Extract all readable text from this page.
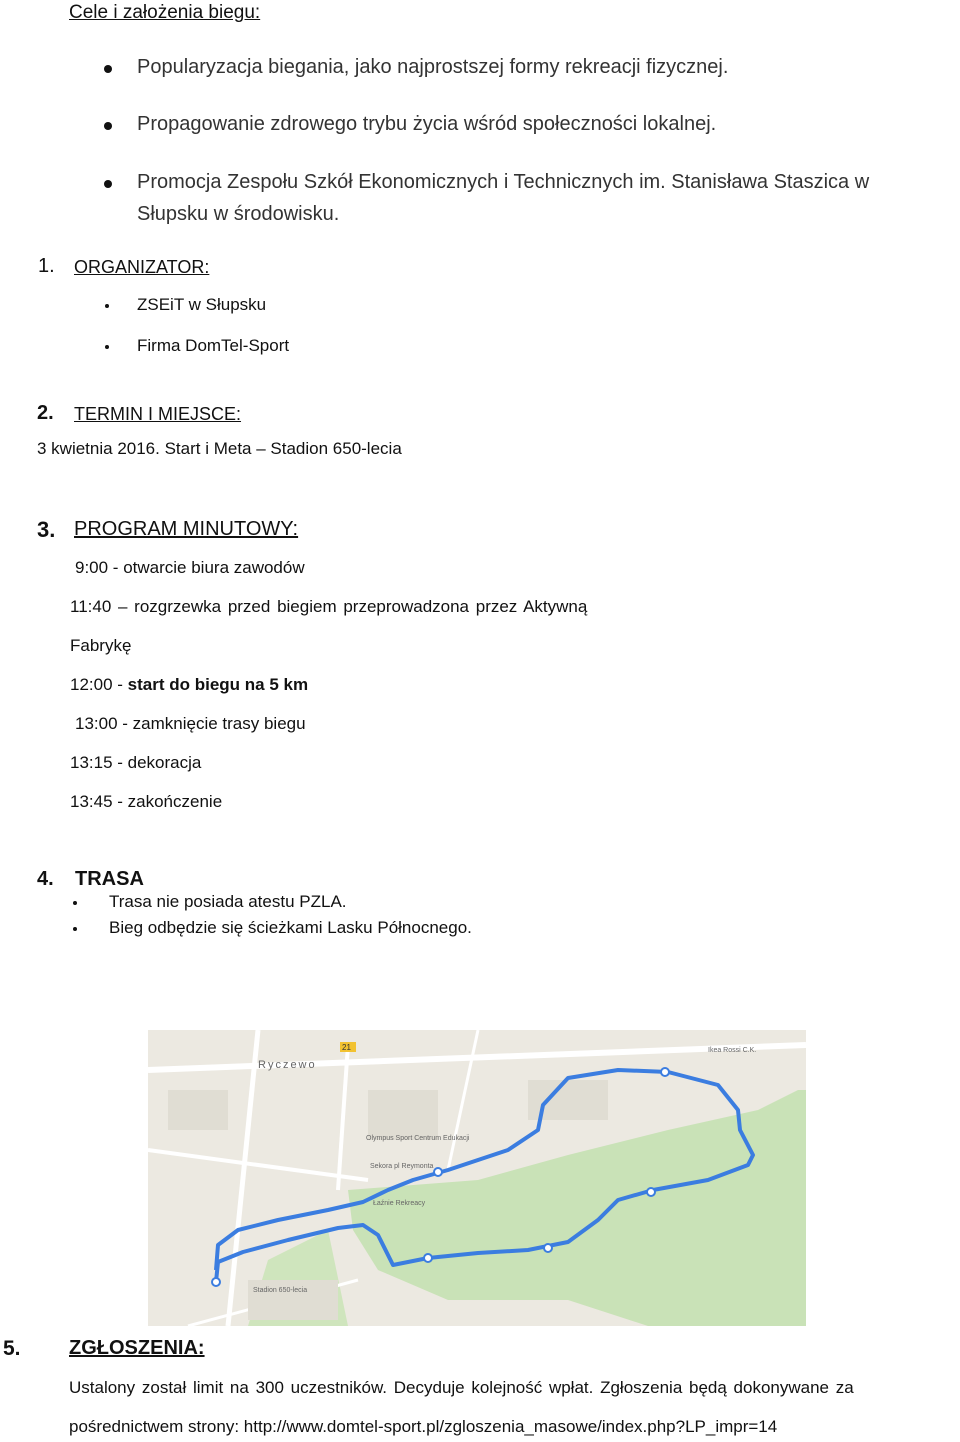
Cele i założenia biegu:
Popularyzacja biegania, jako najprostszej formy rekreacji fizycznej.
Propagowanie zdrowego trybu życia wśród społeczności lokalnej.
Promocja Zespołu Szkół Ekonomicznych i Technicznych im. Stanisława Staszica w
Słupsku w środowisku.
1. ORGANIZATOR:
ZSEiT w Słupsku
Firma DomTel-Sport
2. TERMIN I MIEJSCE:
3 kwietnia 2016. Start i Meta – Stadion 650-lecia
3. PROGRAM MINUTOWY:
9:00 - otwarcie biura zawodów
11:40 – rozgrzewka przed biegiem przeprowadzona przez Aktywną
Fabrykę
12:00 - start do biegu na 5 km
13:00 - zamknięcie trasy biegu
13:15 - dekoracja
13:45 - zakończenie
4. TRASA
Trasa nie posiada atestu PZLA.
Bieg odbędzie się ścieżkami Lasku Północnego.
Ryczewo
21	Ikea Rossi C.K.
Olympus Sport Centrum Edukacji
Sekora pl Reymonta
Łaźnie Rekreacy
Stadion 650-lecia
5. ZGŁOSZENIA:
Ustalony został limit na 300 uczestników. Decyduje kolejność wpłat. Zgłoszenia będą dokonywane za
pośrednictwem strony: http://www.domtel-sport.pl/zgloszenia_masowe/index.php?LP_impr=14
